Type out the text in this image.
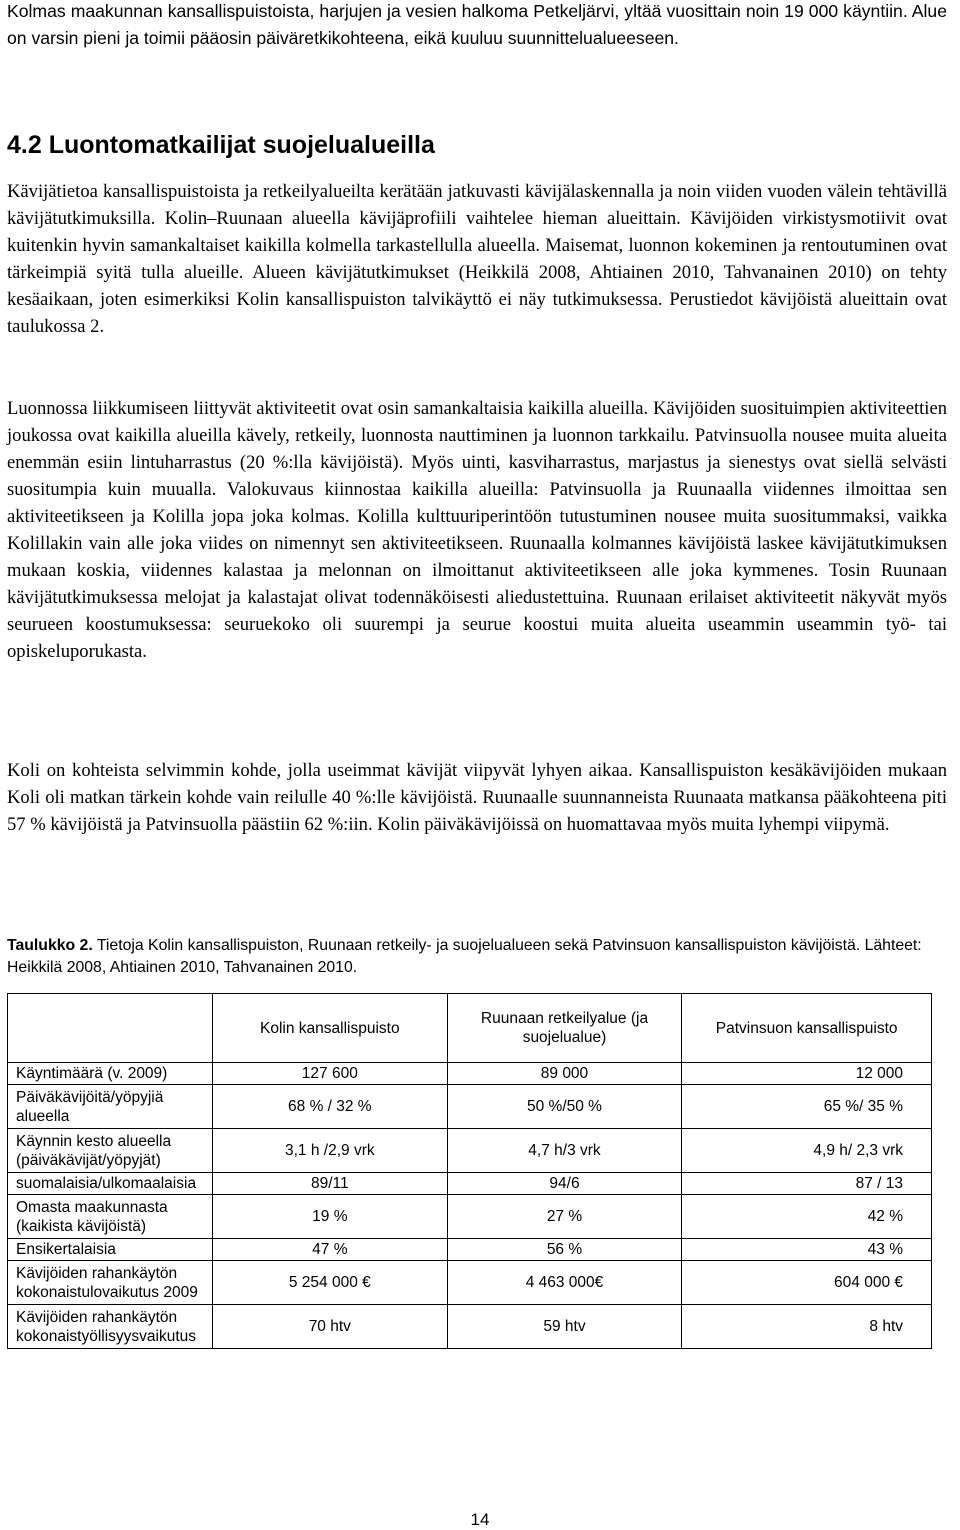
Kolmas maakunnan kansallispuistoista, harjujen ja vesien halkoma Petkeljärvi, yltää vuosittain noin 19 000 käyntiin. Alue on varsin pieni ja toimii pääosin päiväretkikohteena, eikä kuuluu suunnittelualueeseen.

4.2 Luontomatkailijat suojelualueilla

Kävijätietoa kansallispuistoista ja retkeilyalueilta kerätään jatkuvasti kävijälaskennalla ja noin viiden vuoden välein tehtävillä kävijätutkimuksilla. Kolin–Ruunaan alueella kävijäprofiili vaihtelee hieman alueittain. Kävijöiden virkistysmotiivit ovat kuitenkin hyvin samankaltaiset kaikilla kolmella tarkastellulla alueella. Maisemat, luonnon kokeminen ja rentoutuminen ovat tärkeimpiä syitä tulla alueille. Alueen kävijätutkimukset (Heikkilä 2008, Ahtiainen 2010, Tahvanainen 2010) on tehty kesäaikaan, joten esimerkiksi Kolin kansallispuiston talvikäyttö ei näy tutkimuksessa. Perustiedot kävijöistä alueittain ovat taulukossa 2.

Luonnossa liikkumiseen liittyvät aktiviteetit ovat osin samankaltaisia kaikilla alueilla. Kävijöiden suosituimpien aktiviteettien joukossa ovat kaikilla alueilla kävely, retkeily, luonnosta nauttiminen ja luonnon tarkkailu. Patvinsuolla nousee muita alueita enemmän esiin lintuharrastus (20 %:lla kävijöistä). Myös uinti, kasviharrastus, marjastus ja sienestys ovat siellä selvästi suositumpia kuin muualla. Valokuvaus kiinnostaa kaikilla alueilla: Patvinsuolla ja Ruunaalla viidennes ilmoittaa sen aktiviteetikseen ja Kolilla jopa joka kolmas. Kolilla kulttuuriperintöön tutustuminen nousee muita suositummaksi, vaikka Kolillakin vain alle joka viides on nimennyt sen aktiviteetikseen. Ruunaalla kolmannes kävijöistä laskee kävijätutkimuksen mukaan koskia, viidennes kalastaa ja melonnan on ilmoittanut aktiviteetikseen alle joka kymmenes. Tosin Ruunaan kävijätutkimuksessa melojat ja kalastajat olivat todennäköisesti aliedustettuina. Ruunaan erilaiset aktiviteetit näkyvät myös seurueen koostumuksessa: seuruekoko oli suurempi ja seurue koostui muita alueita useammin useammin työ- tai opiskeluporukasta.

Koli on kohteista selvimmin kohde, jolla useimmat kävijät viipyvät lyhyen aikaa. Kansallispuiston kesäkävijöiden mukaan Koli oli matkan tärkein kohde vain reilulle 40 %:lle kävijöistä. Ruunaalle suunnanneista Ruunaata matkansa pääkohteena piti 57 % kävijöistä ja Patvinsuolla päästiin 62 %:iin. Kolin päiväkävijöissä on huomattavaa myös muita lyhempi viipymä.

Taulukko 2. Tietoja Kolin kansallispuiston, Ruunaan retkeily- ja suojelualueen sekä Patvinsuon kansallispuiston kävijöistä. Lähteet: Heikkilä 2008, Ahtiainen 2010, Tahvanainen 2010.

	Kolin kansallispuisto	Ruunaan retkeilyalue (ja suojelualue)	Patvinsuon kansallispuisto
Käyntimäärä (v. 2009)	127 600	89 000	12 000
Päiväkävijöitä/yöpyjiä alueella	68 % / 32 %	50 %/50 %	65 %/ 35 %
Käynnin kesto alueella (päiväkävijät/yöpyjät)	3,1 h /2,9 vrk	4,7 h/3 vrk	4,9 h/ 2,3 vrk
suomalaisia/ulkomaalaisia	89/11	94/6	87 / 13
Omasta maakunnasta (kaikista kävijöistä)	19 %	27 %	42 %
Ensikertalaisia	47 %	56 %	43 %
Kävijöiden rahankäytön kokonaistulovaikutus 2009	5 254 000 €	4 463 000€	604 000 €
Kävijöiden rahankäytön kokonaistyöllisyysvaikutus	70 htv	59 htv	8 htv
14
